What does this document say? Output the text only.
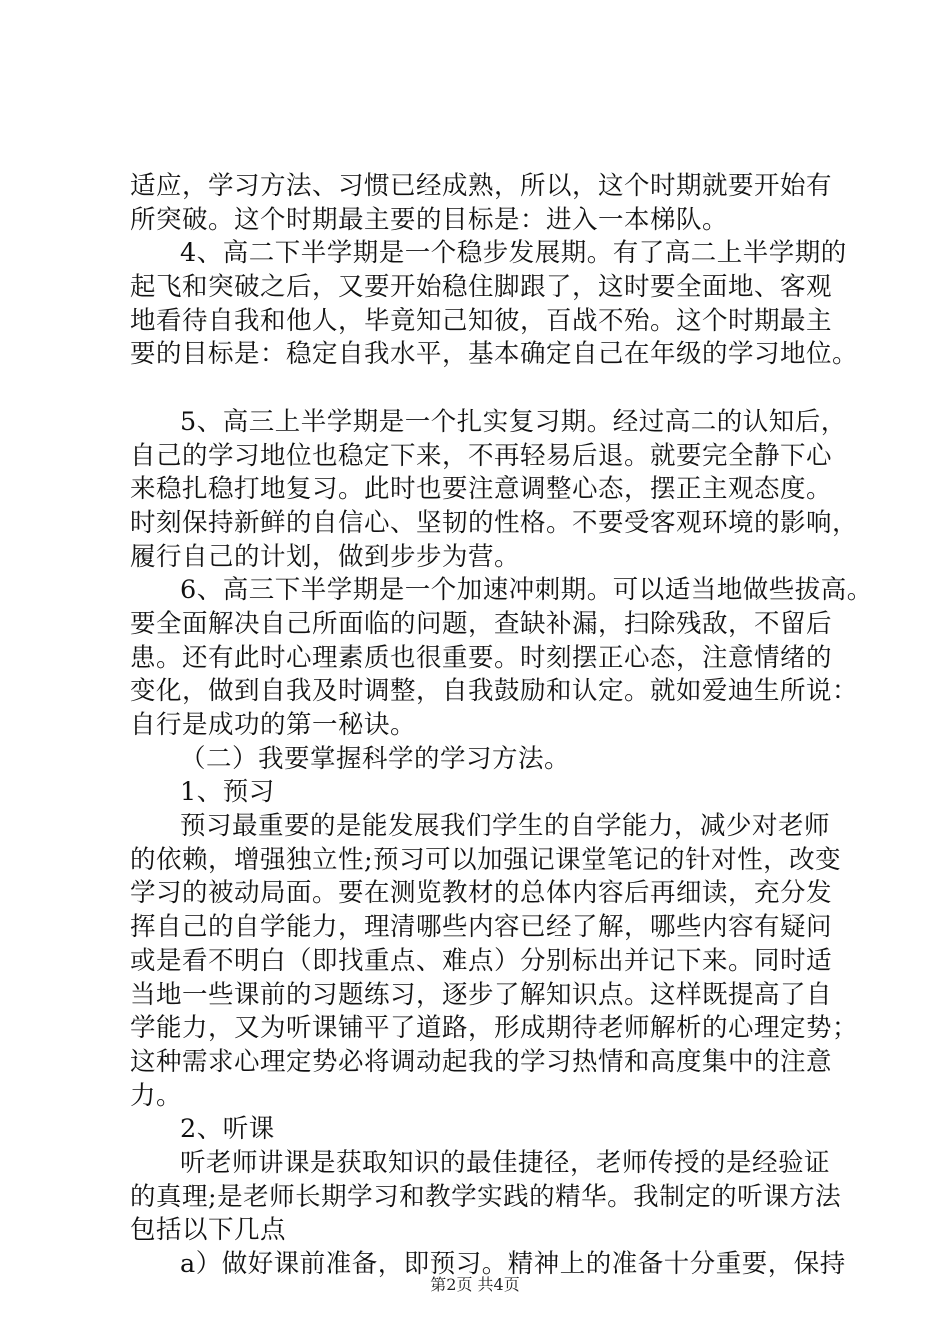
适应，学习方法、习惯已经成熟，所以，这个时期就要开始有
所突破。这个时期最主要的目标是：进入一本梯队。
4、高二下半学期是一个稳步发展期。有了高二上半学期的
起飞和突破之后，又要开始稳住脚跟了，这时要全面地、客观
地看待自我和他人，毕竟知己知彼，百战不殆。这个时期最主
要的目标是：稳定自我水平，基本确定自己在年级的学习地位。
5、高三上半学期是一个扎实复习期。经过高二的认知后，
自己的学习地位也稳定下来，不再轻易后退。就要完全静下心
来稳扎稳打地复习。此时也要注意调整心态，摆正主观态度。
时刻保持新鲜的自信心、坚韧的性格。不要受客观环境的影响，
履行自己的计划，做到步步为营。
6、高三下半学期是一个加速冲刺期。可以适当地做些拔高。
要全面解决自己所面临的问题，查缺补漏，扫除残敌，不留后
患。还有此时心理素质也很重要。时刻摆正心态，注意情绪的
变化，做到自我及时调整，自我鼓励和认定。就如爱迪生所说：
自行是成功的第一秘诀。
（二）我要掌握科学的学习方法。
1、预习
预习最重要的是能发展我们学生的自学能力，减少对老师
的依赖，增强独立性;预习可以加强记课堂笔记的针对性，改变
学习的被动局面。要在测览教材的总体内容后再细读，充分发
挥自己的自学能力，理清哪些内容已经了解，哪些内容有疑问
或是看不明白（即找重点、难点）分别标出并记下来。同时适
当地一些课前的习题练习，逐步了解知识点。这样既提高了自
学能力，又为听课铺平了道路，形成期待老师解析的心理定势；
这种需求心理定势必将调动起我的学习热情和高度集中的注意
力。
2、听课
听老师讲课是获取知识的最佳捷径，老师传授的是经验证
的真理;是老师长期学习和教学实践的精华。我制定的听课方法
包括以下几点
a）做好课前准备，即预习。精神上的准备十分重要，保持
第2页 共4页
